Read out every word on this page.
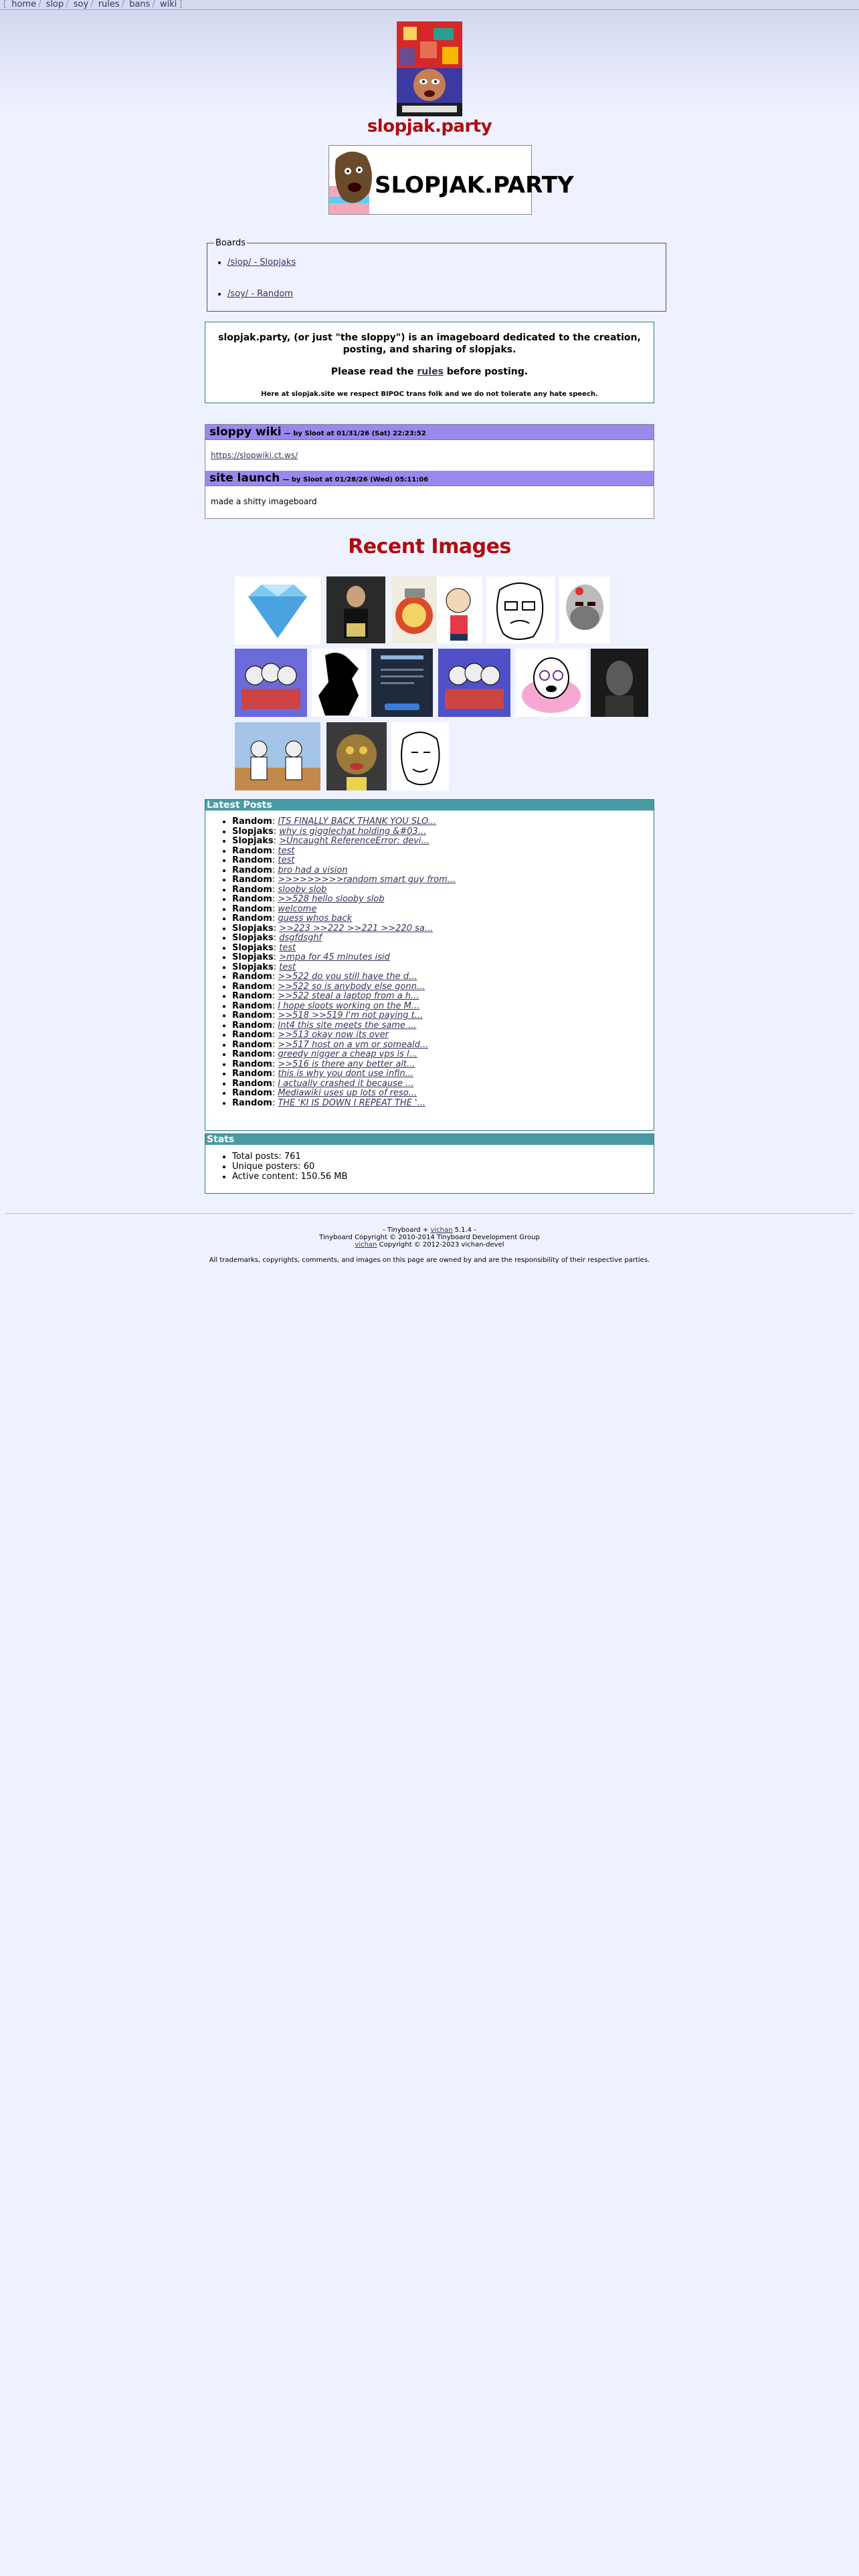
[ home / slop / soy / rules / bans / wiki ]
slopjak.party
SLOPJAK.PARTY
Boards
• /slop/ - Slopjaks
• /soy/ - Random
slopjak.party, (or just "the sloppy") is an imageboard dedicated to the creation, posting, and sharing of slopjaks.
Please read the rules before posting.
Here at slopjak.site we respect BIPOC trans folk and we do not tolerate any hate speech.
sloppy wiki — by Sloot at 01/31/26 (Sat) 22:23:52
https://slopwiki.ct.ws/
site launch — by Sloot at 01/28/26 (Wed) 05:11:06
made a shitty imageboard
Recent Images
Latest Posts
• Random: ITS FINALLY BACK THANK YOU SLO...
• Slopjaks: why is gigglechat holding &#03...
• Slopjaks: >Uncaught ReferenceError: devi...
• Random: test
• Random: test
• Random: bro had a vision
• Random: >>>>>>>>>random smart guy from...
• Random: slooby slob
• Random: >>528 hello slooby slob
• Random: welcome
• Random: guess whos back
• Slopjaks: >>223 >>222 >>221 >>220 sa...
• Slopjaks: dsgfdsghf
• Slopjaks: test
• Slopjaks: >mpa for 45 minutes isid
• Slopjaks: test
• Random: >>522 do you still have the d...
• Random: >>522 so is anybody else gonn...
• Random: >>522 steal a laptop from a h...
• Random: I hope sloots working on the M...
• Random: >>518 >>519 I'm not paying t...
• Random: Int4 this site meets the same ...
• Random: >>513 okay now its over
• Random: >>517 host on a vm or someald...
• Random: greedy nigger a cheap vps is l...
• Random: >>516 is there any better alt...
• Random: this is why you dont use infin...
• Random: I actually crashed it because ...
• Random: Mediawiki uses up lots of reso...
• Random: THE 'KI IS DOWN I REPEAT THE '...
Stats
• Total posts: 761
• Unique posters: 60
• Active content: 150.56 MB
- Tinyboard + vichan 5.1.4 -
Tinyboard Copyright © 2010-2014 Tinyboard Development Group
vichan Copyright © 2012-2023 vichan-devel
All trademarks, copyrights, comments, and images on this page are owned by and are the responsibility of their respective parties.
